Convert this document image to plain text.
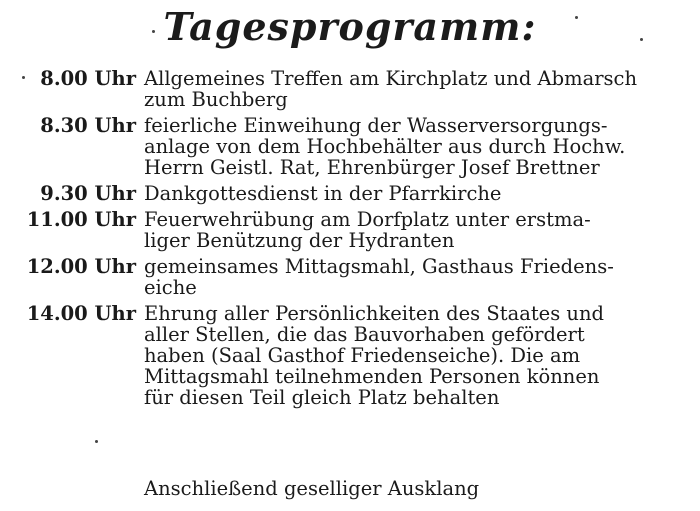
Tagesprogramm:
8.00 Uhr Allgemeines Treffen am Kirchplatz und Abmarsch
zum Buchberg
8.30 Uhr feierliche Einweihung der Wasserversorgungs-
anlage von dem Hochbehälter aus durch Hochw.
Herrn Geistl. Rat, Ehrenbürger Josef Brettner
9.30 Uhr Dankgottesdienst in der Pfarrkirche
11.00 Uhr Feuerwehrübung am Dorfplatz unter erstma-
liger Benützung der Hydranten
12.00 Uhr gemeinsames Mittagsmahl, Gasthaus Friedens-
eiche
14.00 Uhr Ehrung aller Persönlichkeiten des Staates und
aller Stellen, die das Bauvorhaben gefördert
haben (Saal Gasthof Friedenseiche). Die am
Mittagsmahl teilnehmenden Personen können
für diesen Teil gleich Platz behalten
Anschließend geselliger Ausklang
